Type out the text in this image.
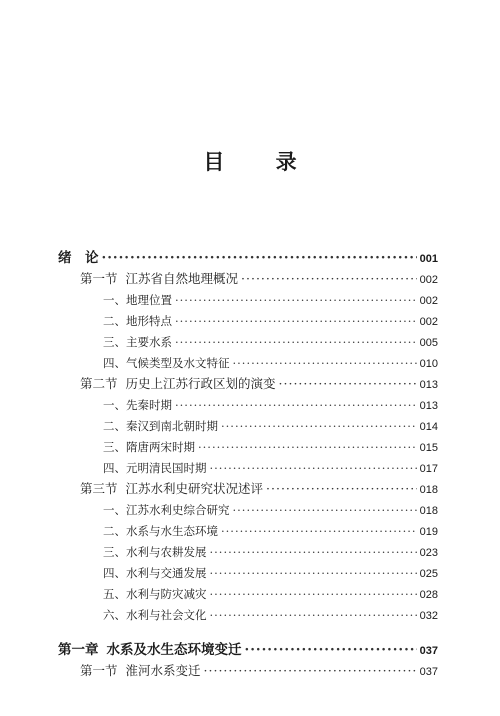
目 录
绪　论 ·····	001
第一节 江苏省自然地理概况 ·····	002
一、地理位置 ·····	002
二、地形特点 ·····	002
三、主要水系 ·····	005
四、气候类型及水文特征 ·····	010
第二节 历史上江苏行政区划的演变 ·····	013
一、先秦时期 ·····	013
二、秦汉到南北朝时期 ·····	014
三、隋唐两宋时期 ·····	015
四、元明清民国时期 ·····	017
第三节 江苏水利史研究状况述评 ·····	018
一、江苏水利史综合研究 ·····	018
二、水系与水生态环境 ·····	019
三、水利与农耕发展 ·····	023
四、水利与交通发展 ·····	025
五、水利与防灾减灾 ·····	028
六、水利与社会文化 ·····	032
第一章 水系及水生态环境变迁 ·····	037
第一节 淮河水系变迁 ·····	037
